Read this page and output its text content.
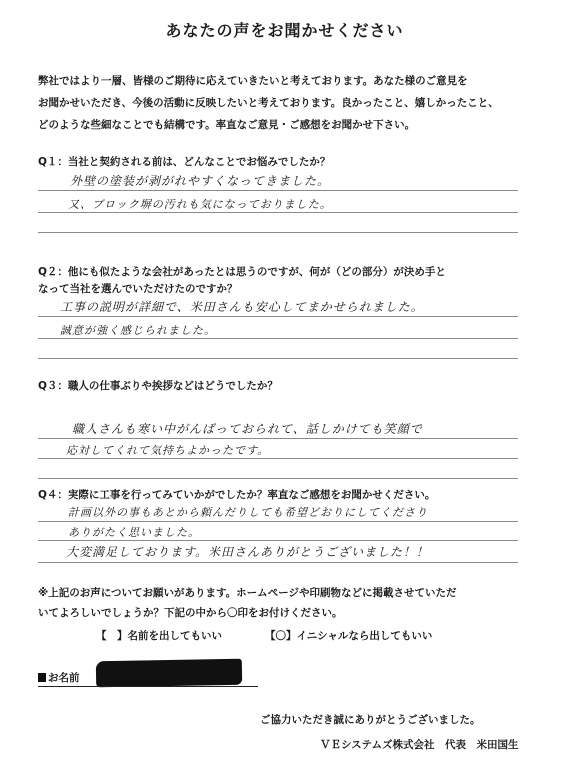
あなたの声をお聞かせください
弊社ではより一層、皆様のご期待に応えていきたいと考えております。あなた様のご意見を
お聞かせいただき、今後の活動に反映したいと考えております。良かったこと、嬉しかったこと、
どのような些細なことでも結構です。率直なご意見・ご感想をお聞かせ下さい。
Q１：当社と契約される前は、どんなことでお悩みでしたか？
外壁の塗装が剥がれやすくなってきました。
又、ブロック塀の汚れも気になっておりました。
Q２：他にも似たような会社があったとは思うのですが、何が（どの部分）が決め手と
なって当社を選んでいただけたのですか？
工事の説明が詳細で、米田さんも安心してまかせられました。
誠意が強く感じられました。
Q３：職人の仕事ぶりや挨拶などはどうでしたか？
職人さんも寒い中がんばっておられて、話しかけても笑顔で
応対してくれて気持ちよかったです。
Q４：実際に工事を行ってみていかがでしたか？率直なご感想をお聞かせください。
計画以外の事もあとから頼んだりしても希望どおりにしてくださり
ありがたく思いました。
大変満足しております。米田さんありがとうございました！！
※上記のお声についてお願いがあります。ホームページや印刷物などに掲載させていただ
いてよろしいでしょうか？下記の中から〇印をお付けください。
【　】名前を出してもいい	【〇】イニシャルなら出してもいい
お名前
ご協力いただき誠にありがとうございました。
ＶＥシステムズ株式会社　代表　米田国生
